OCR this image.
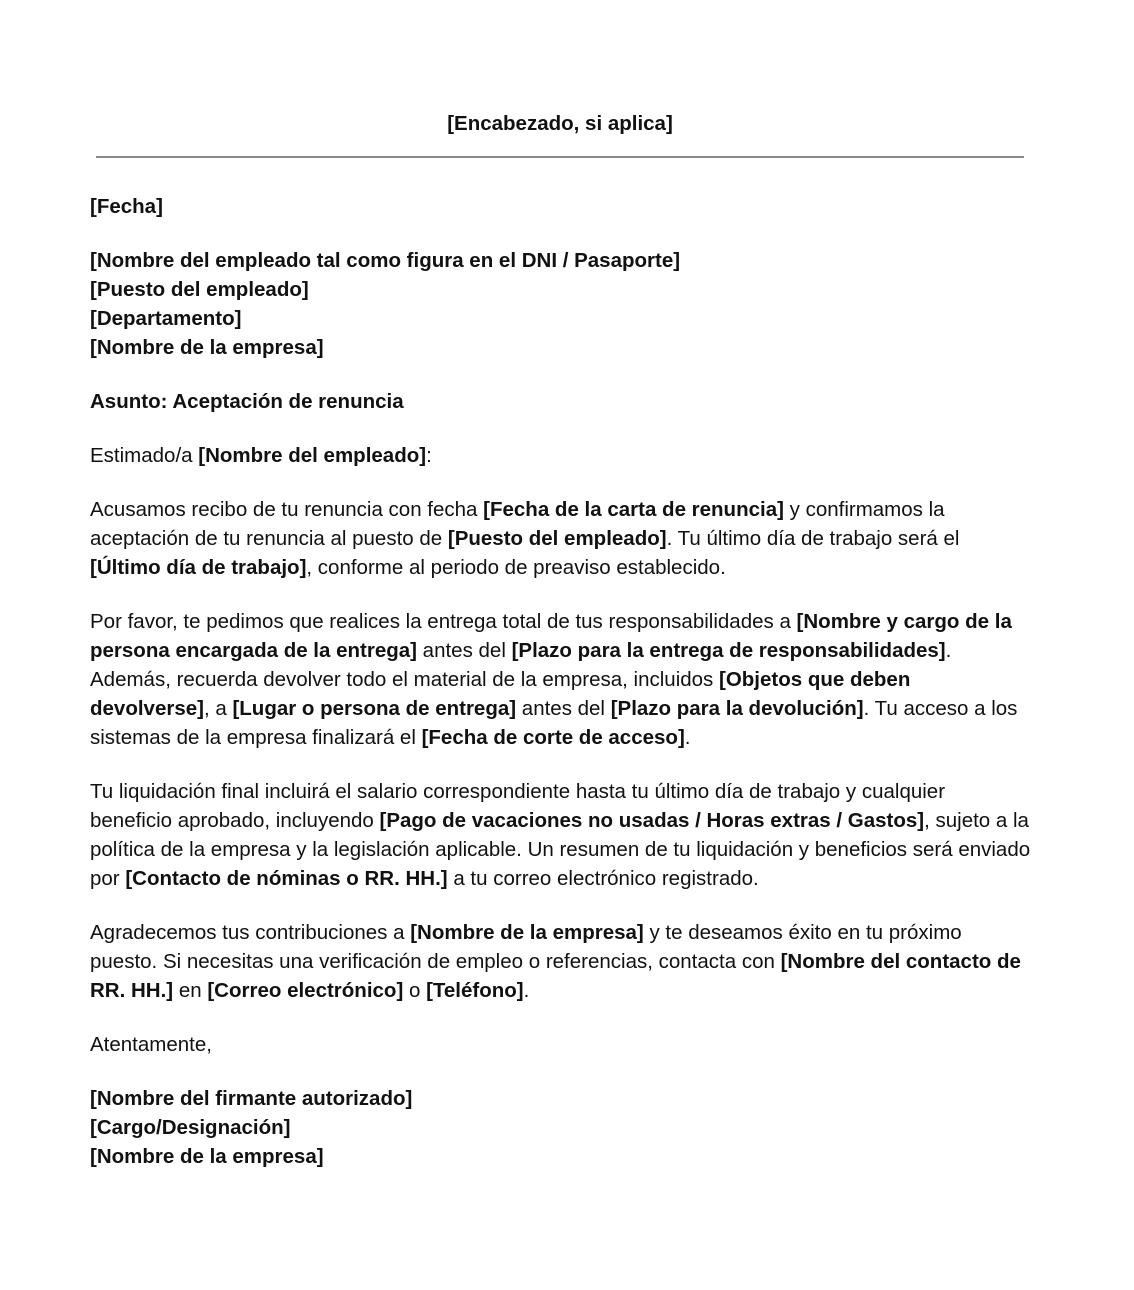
[Encabezado, si aplica]

[Fecha]

[Nombre del empleado tal como figura en el DNI / Pasaporte]
[Puesto del empleado]
[Departamento]
[Nombre de la empresa]

Asunto: Aceptación de renuncia

Estimado/a [Nombre del empleado]:

Acusamos recibo de tu renuncia con fecha [Fecha de la carta de renuncia] y confirmamos la aceptación de tu renuncia al puesto de [Puesto del empleado]. Tu último día de trabajo será el [Último día de trabajo], conforme al periodo de preaviso establecido.

Por favor, te pedimos que realices la entrega total de tus responsabilidades a [Nombre y cargo de la persona encargada de la entrega] antes del [Plazo para la entrega de responsabilidades]. Además, recuerda devolver todo el material de la empresa, incluidos [Objetos que deben devolverse], a [Lugar o persona de entrega] antes del [Plazo para la devolución]. Tu acceso a los sistemas de la empresa finalizará el [Fecha de corte de acceso].

Tu liquidación final incluirá el salario correspondiente hasta tu último día de trabajo y cualquier beneficio aprobado, incluyendo [Pago de vacaciones no usadas / Horas extras / Gastos], sujeto a la política de la empresa y la legislación aplicable. Un resumen de tu liquidación y beneficios será enviado por [Contacto de nóminas o RR. HH.] a tu correo electrónico registrado.

Agradecemos tus contribuciones a [Nombre de la empresa] y te deseamos éxito en tu próximo puesto. Si necesitas una verificación de empleo o referencias, contacta con [Nombre del contacto de RR. HH.] en [Correo electrónico] o [Teléfono].

Atentamente,

[Nombre del firmante autorizado]
[Cargo/Designación]
[Nombre de la empresa]
